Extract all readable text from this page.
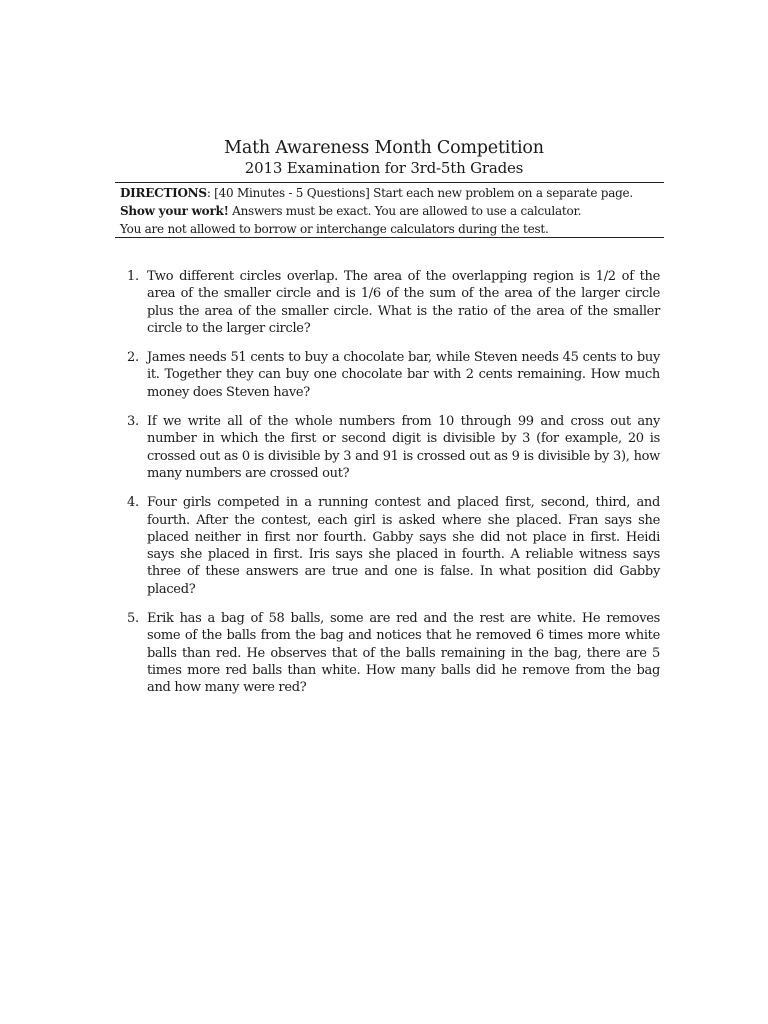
Math Awareness Month Competition
2013 Examination for 3rd-5th Grades
DIRECTIONS: [40 Minutes - 5 Questions] Start each new problem on a separate page.
Show your work! Answers must be exact. You are allowed to use a calculator.
You are not allowed to borrow or interchange calculators during the test.
1. Two different circles overlap. The area of the overlapping region is 1/2 of the area of the smaller circle and is 1/6 of the sum of the area of the larger circle plus the area of the smaller circle. What is the ratio of the area of the smaller circle to the larger circle?
2. James needs 51 cents to buy a chocolate bar, while Steven needs 45 cents to buy it. Together they can buy one chocolate bar with 2 cents remaining. How much money does Steven have?
3. If we write all of the whole numbers from 10 through 99 and cross out any number in which the first or second digit is divisible by 3 (for example, 20 is crossed out as 0 is divisible by 3 and 91 is crossed out as 9 is divisible by 3), how many numbers are crossed out?
4. Four girls competed in a running contest and placed first, second, third, and fourth. After the contest, each girl is asked where she placed. Fran says she placed neither in first nor fourth. Gabby says she did not place in first. Heidi says she placed in first. Iris says she placed in fourth. A reliable witness says three of these answers are true and one is false. In what position did Gabby placed?
5. Erik has a bag of 58 balls, some are red and the rest are white. He removes some of the balls from the bag and notices that he removed 6 times more white balls than red. He observes that of the balls remaining in the bag, there are 5 times more red balls than white. How many balls did he remove from the bag and how many were red?
